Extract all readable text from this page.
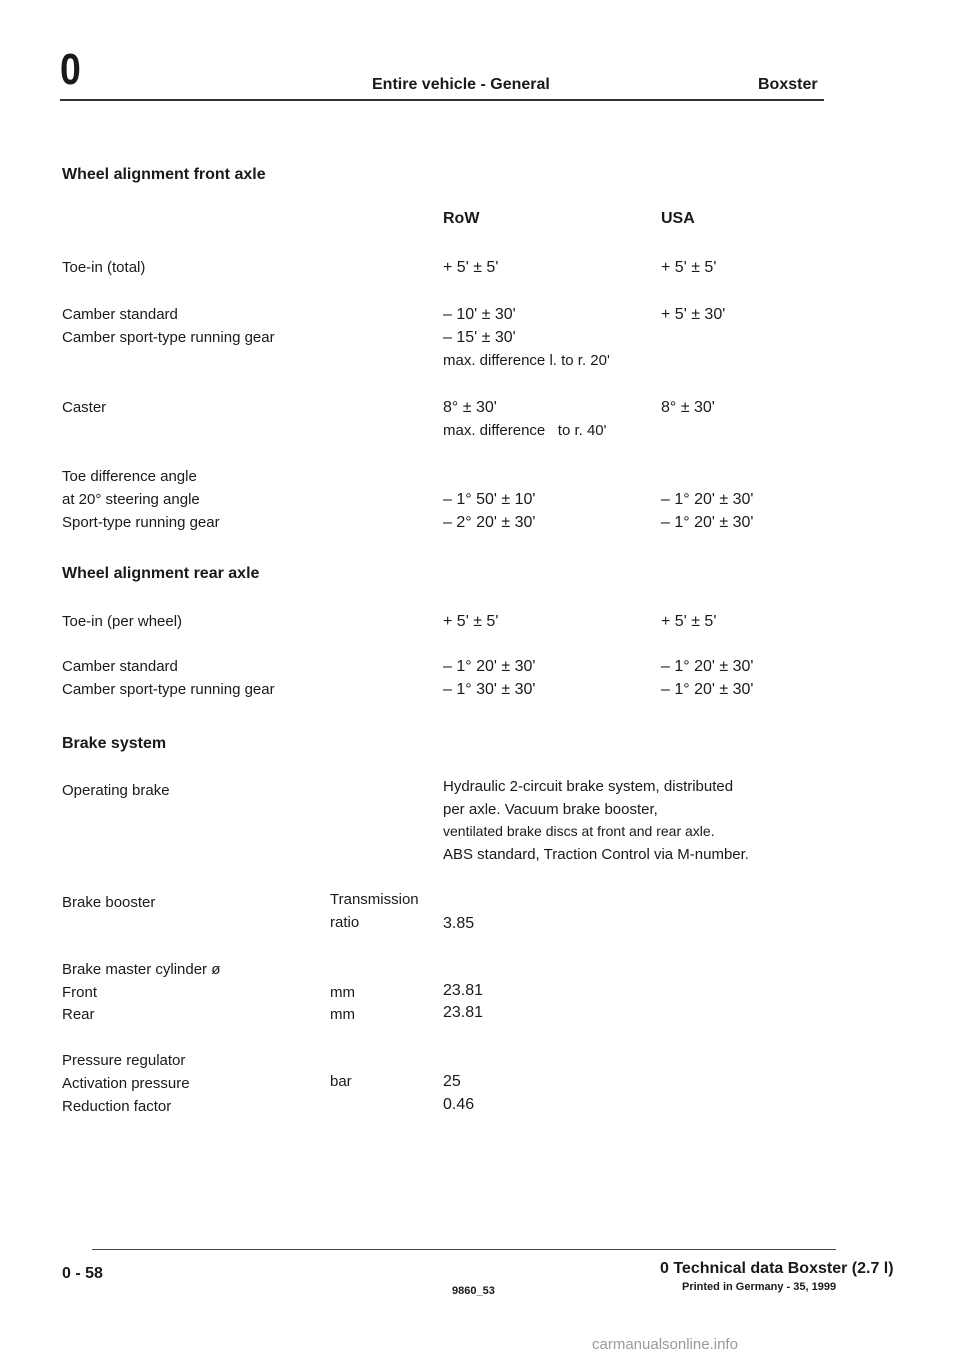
0	Entire vehicle - General	Boxster
Wheel alignment front axle
RoW	USA
Toe-in (total)	+ 5' ± 5'	+ 5' ± 5'
Camber standard	– 10' ± 30'	+ 5' ± 30'
Camber sport-type running gear	– 15' ± 30'
max. difference l. to r. 20'
Caster	8° ± 30'	8° ± 30'
max. difference   to r. 40'
Toe difference angle
at 20° steering angle	– 1° 50' ± 10'	– 1° 20' ± 30'
Sport-type running gear	– 2° 20' ± 30'	– 1° 20' ± 30'
Wheel alignment rear axle
Toe-in (per wheel)	+ 5' ± 5'	+ 5' ± 5'
Camber standard	– 1° 20' ± 30'	– 1° 20' ± 30'
Camber sport-type running gear	– 1° 30' ± 30'	– 1° 20' ± 30'
Brake system
Operating brake	Hydraulic 2-circuit brake system, distributed
per axle. Vacuum brake booster,
ventilated brake discs at front and rear axle.
ABS standard, Traction Control via M-number.
Brake booster	Transmission
ratio	3.85
Brake master cylinder ø
Front	mm	23.81
Rear	mm	23.81
Pressure regulator
Activation pressure	bar	25
Reduction factor	0.46
0 - 58	0 Technical data Boxster (2.7 l)
9860_53	Printed in Germany - 35, 1999
carmanualsonline.info
